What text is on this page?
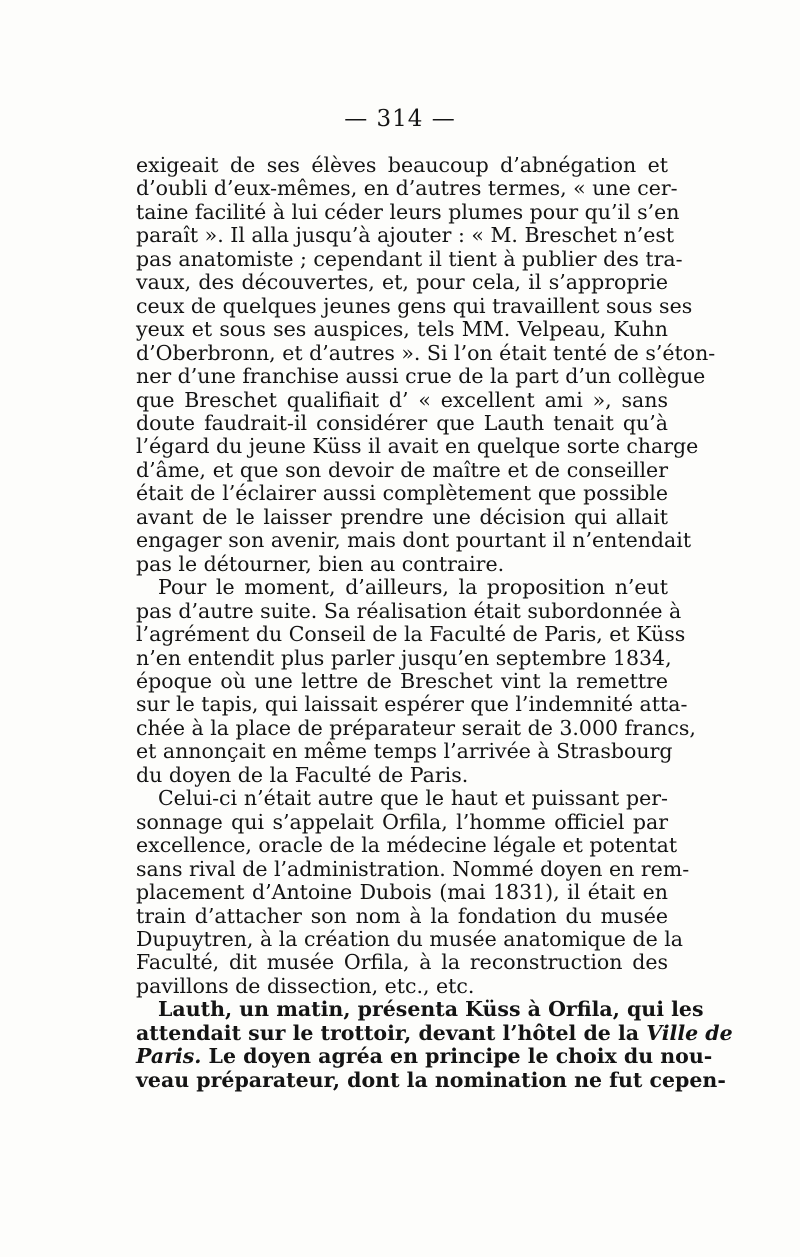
— 314 —
exigeait de ses élèves beaucoup d’abnégation et
d’oubli d’eux-mêmes, en d’autres termes, « une cer-
taine facilité à lui céder leurs plumes pour qu’il s’en
paraît ». Il alla jusqu’à ajouter : « M. Breschet n’est
pas anatomiste ; cependant il tient à publier des tra-
vaux, des découvertes, et, pour cela, il s’approprie
ceux de quelques jeunes gens qui travaillent sous ses
yeux et sous ses auspices, tels MM. Velpeau, Kuhn
d’Oberbronn, et d’autres ». Si l’on était tenté de s’éton-
ner d’une franchise aussi crue de la part d’un collègue
que Breschet qualifiait d’ « excellent ami », sans
doute faudrait-il considérer que Lauth tenait qu’à
l’égard du jeune Küss il avait en quelque sorte charge
d’âme, et que son devoir de maître et de conseiller
était de l’éclairer aussi complètement que possible
avant de le laisser prendre une décision qui allait
engager son avenir, mais dont pourtant il n’entendait
pas le détourner, bien au contraire.
Pour le moment, d’ailleurs, la proposition n’eut
pas d’autre suite. Sa réalisation était subordonnée à
l’agrément du Conseil de la Faculté de Paris, et Küss
n’en entendit plus parler jusqu’en septembre 1834,
époque où une lettre de Breschet vint la remettre
sur le tapis, qui laissait espérer que l’indemnité atta-
chée à la place de préparateur serait de 3.000 francs,
et annonçait en même temps l’arrivée à Strasbourg
du doyen de la Faculté de Paris.
Celui-ci n’était autre que le haut et puissant per-
sonnage qui s’appelait Orfila, l’homme officiel par
excellence, oracle de la médecine légale et potentat
sans rival de l’administration. Nommé doyen en rem-
placement d’Antoine Dubois (mai 1831), il était en
train d’attacher son nom à la fondation du musée
Dupuytren, à la création du musée anatomique de la
Faculté, dit musée Orfila, à la reconstruction des
pavillons de dissection, etc., etc.
Lauth, un matin, présenta Küss à Orfila, qui les
attendait sur le trottoir, devant l’hôtel de la Ville de
Paris. Le doyen agréa en principe le choix du nou-
veau préparateur, dont la nomination ne fut cepen-
